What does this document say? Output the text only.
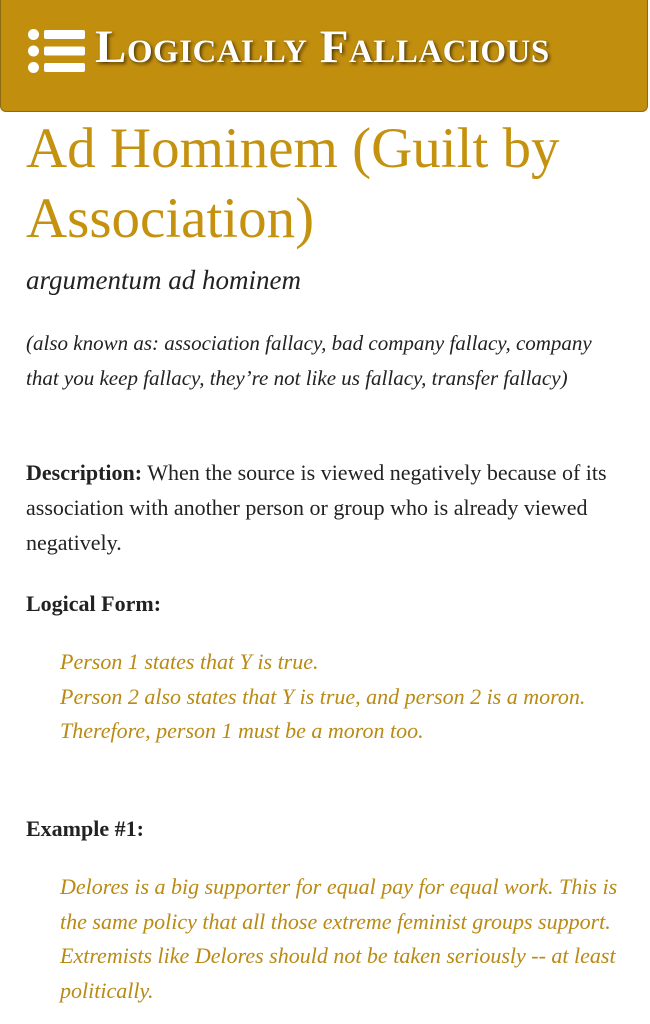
Logically Fallacious
Ad Hominem (Guilt by Association)
argumentum ad hominem
(also known as: association fallacy, bad company fallacy, company that you keep fallacy, they’re not like us fallacy, transfer fallacy)
Description: When the source is viewed negatively because of its association with another person or group who is already viewed negatively.
Logical Form:
Person 1 states that Y is true.
Person 2 also states that Y is true, and person 2 is a moron.
Therefore, person 1 must be a moron too.
Example #1:
Delores is a big supporter for equal pay for equal work. This is the same policy that all those extreme feminist groups support. Extremists like Delores should not be taken seriously -- at least politically.
